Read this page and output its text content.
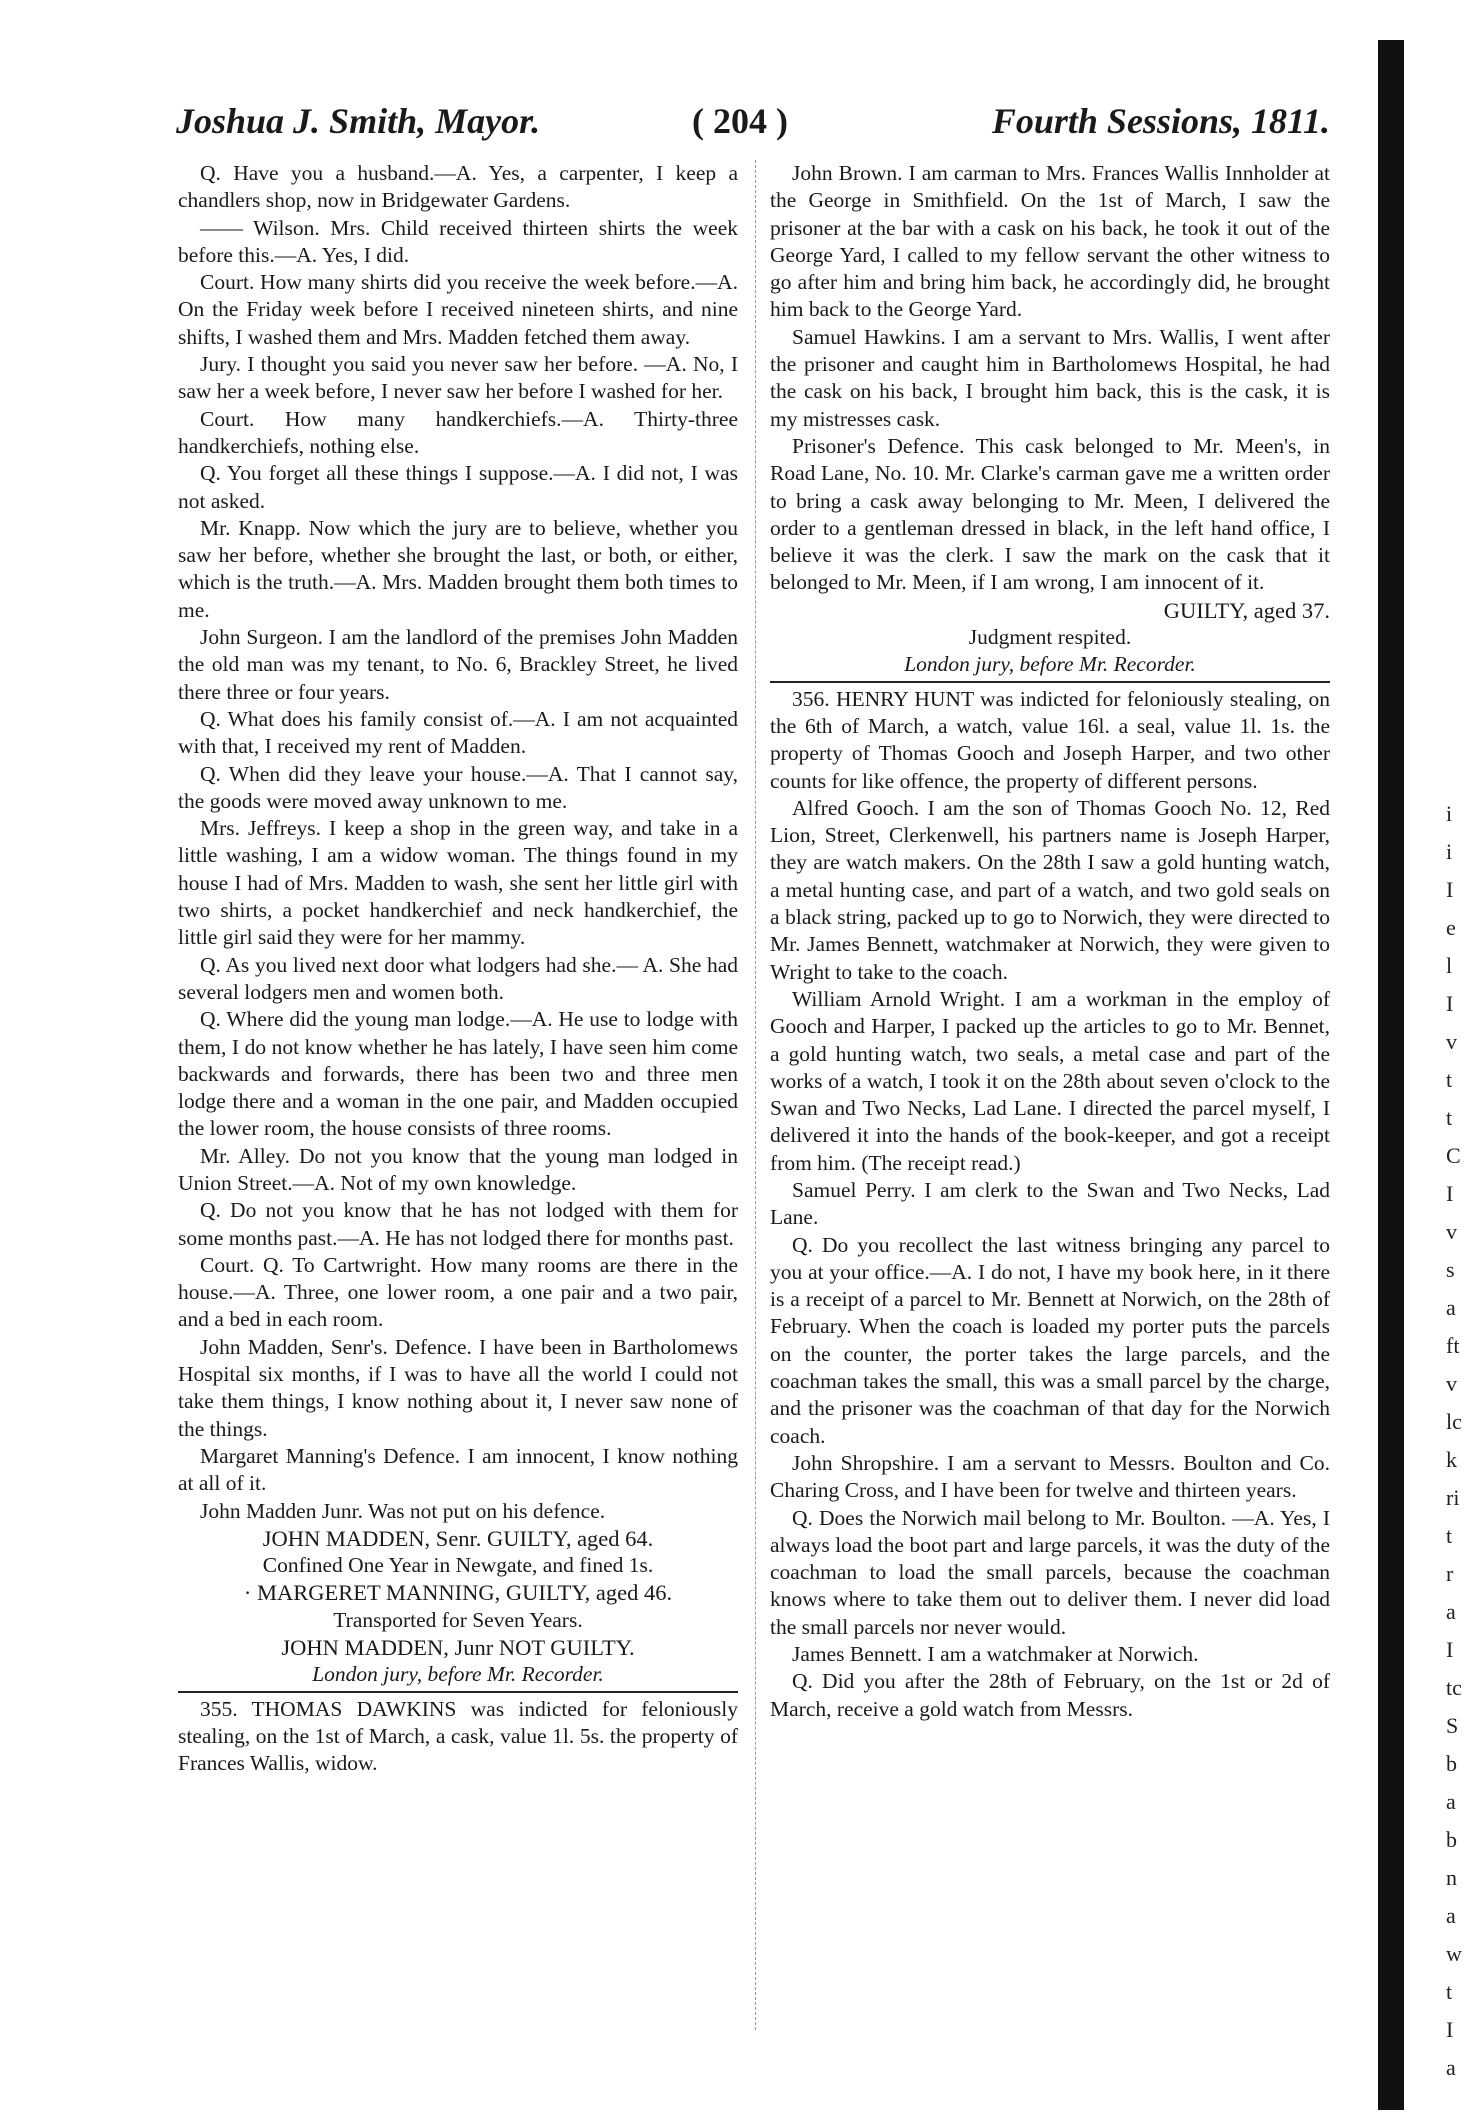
Joshua J. Smith, Mayor.	( 204 )	Fourth Sessions, 1811.

Q. Have you a husband.—A. Yes, a carpenter, I keep a chandlers shop, now in Bridgewater Gardens.

—— Wilson. Mrs. Child received thirteen shirts the week before this.—A. Yes, I did.

Court. How many shirts did you receive the week before.—A. On the Friday week before I received nineteen shirts, and nine shifts, I washed them and Mrs. Madden fetched them away.

Jury. I thought you said you never saw her before. —A. No, I saw her a week before, I never saw her before I washed for her.

Court. How many handkerchiefs.—A. Thirty-three handkerchiefs, nothing else.

Q. You forget all these things I suppose.—A. I did not, I was not asked.

Mr. Knapp. Now which the jury are to believe, whether you saw her before, whether she brought the last, or both, or either, which is the truth.—A. Mrs. Madden brought them both times to me.

John Surgeon. I am the landlord of the premises John Madden the old man was my tenant, to No. 6, Brackley Street, he lived there three or four years.

Q. What does his family consist of.—A. I am not acquainted with that, I received my rent of Madden.

Q. When did they leave your house.—A. That I cannot say, the goods were moved away unknown to me.

Mrs. Jeffreys. I keep a shop in the green way, and take in a little washing, I am a widow woman. The things found in my house I had of Mrs. Madden to wash, she sent her little girl with two shirts, a pocket handkerchief and neck handkerchief, the little girl said they were for her mammy.

Q. As you lived next door what lodgers had she.— A. She had several lodgers men and women both.

Q. Where did the young man lodge.—A. He use to lodge with them, I do not know whether he has lately, I have seen him come backwards and forwards, there has been two and three men lodge there and a woman in the one pair, and Madden occupied the lower room, the house consists of three rooms.

Mr. Alley. Do not you know that the young man lodged in Union Street.—A. Not of my own knowledge.

Q. Do not you know that he has not lodged with them for some months past.—A. He has not lodged there for months past.

Court. Q. To Cartwright. How many rooms are there in the house.—A. Three, one lower room, a one pair and a two pair, and a bed in each room.

John Madden, Senr's. Defence. I have been in Bartholomews Hospital six months, if I was to have all the world I could not take them things, I know nothing about it, I never saw none of the things.

Margaret Manning's Defence. I am innocent, I know nothing at all of it.

John Madden Junr. Was not put on his defence.

JOHN MADDEN, Senr. GUILTY, aged 64.

Confined One Year in Newgate, and fined 1s.

· MARGERET MANNING, GUILTY, aged 46.

Transported for Seven Years.

JOHN MADDEN, Junr NOT GUILTY.

London jury, before Mr. Recorder.

355. THOMAS DAWKINS was indicted for feloniously stealing, on the 1st of March, a cask, value 1l. 5s. the property of Frances Wallis, widow.

John Brown. I am carman to Mrs. Frances Wallis Innholder at the George in Smithfield. On the 1st of March, I saw the prisoner at the bar with a cask on his back, he took it out of the George Yard, I called to my fellow servant the other witness to go after him and bring him back, he accordingly did, he brought him back to the George Yard.

Samuel Hawkins. I am a servant to Mrs. Wallis, I went after the prisoner and caught him in Bartholomews Hospital, he had the cask on his back, I brought him back, this is the cask, it is my mistresses cask.

Prisoner's Defence. This cask belonged to Mr. Meen's, in Road Lane, No. 10. Mr. Clarke's carman gave me a written order to bring a cask away belonging to Mr. Meen, I delivered the order to a gentleman dressed in black, in the left hand office, I believe it was the clerk. I saw the mark on the cask that it belonged to Mr. Meen, if I am wrong, I am innocent of it.

GUILTY, aged 37.

Judgment respited.

London jury, before Mr. Recorder.

356. HENRY HUNT was indicted for feloniously stealing, on the 6th of March, a watch, value 16l. a seal, value 1l. 1s. the property of Thomas Gooch and Joseph Harper, and two other counts for like offence, the property of different persons.

Alfred Gooch. I am the son of Thomas Gooch No. 12, Red Lion, Street, Clerkenwell, his partners name is Joseph Harper, they are watch makers. On the 28th I saw a gold hunting watch, a metal hunting case, and part of a watch, and two gold seals on a black string, packed up to go to Norwich, they were directed to Mr. James Bennett, watchmaker at Norwich, they were given to Wright to take to the coach.

William Arnold Wright. I am a workman in the employ of Gooch and Harper, I packed up the articles to go to Mr. Bennet, a gold hunting watch, two seals, a metal case and part of the works of a watch, I took it on the 28th about seven o'clock to the Swan and Two Necks, Lad Lane. I directed the parcel myself, I delivered it into the hands of the book-keeper, and got a receipt from him. (The receipt read.)

Samuel Perry. I am clerk to the Swan and Two Necks, Lad Lane.

Q. Do you recollect the last witness bringing any parcel to you at your office.—A. I do not, I have my book here, in it there is a receipt of a parcel to Mr. Bennett at Norwich, on the 28th of February. When the coach is loaded my porter puts the parcels on the counter, the porter takes the large parcels, and the coachman takes the small, this was a small parcel by the charge, and the prisoner was the coachman of that day for the Norwich coach.

John Shropshire. I am a servant to Messrs. Boulton and Co. Charing Cross, and I have been for twelve and thirteen years.

Q. Does the Norwich mail belong to Mr. Boulton. —A. Yes, I always load the boot part and large parcels, it was the duty of the coachman to load the small parcels, because the coachman knows where to take them out to deliver them. I never did load the small parcels nor never would.

James Bennett. I am a watchmaker at Norwich.

Q. Did you after the 28th of February, on the 1st or 2d of March, receive a gold watch from Messrs.

i
i
I
e
l
I
v
t
t
C
I
v
s
a
ft
v
lc
k
ri
t
r
a
I
tc
S
b
a
b
n
a
w
t
I
a
